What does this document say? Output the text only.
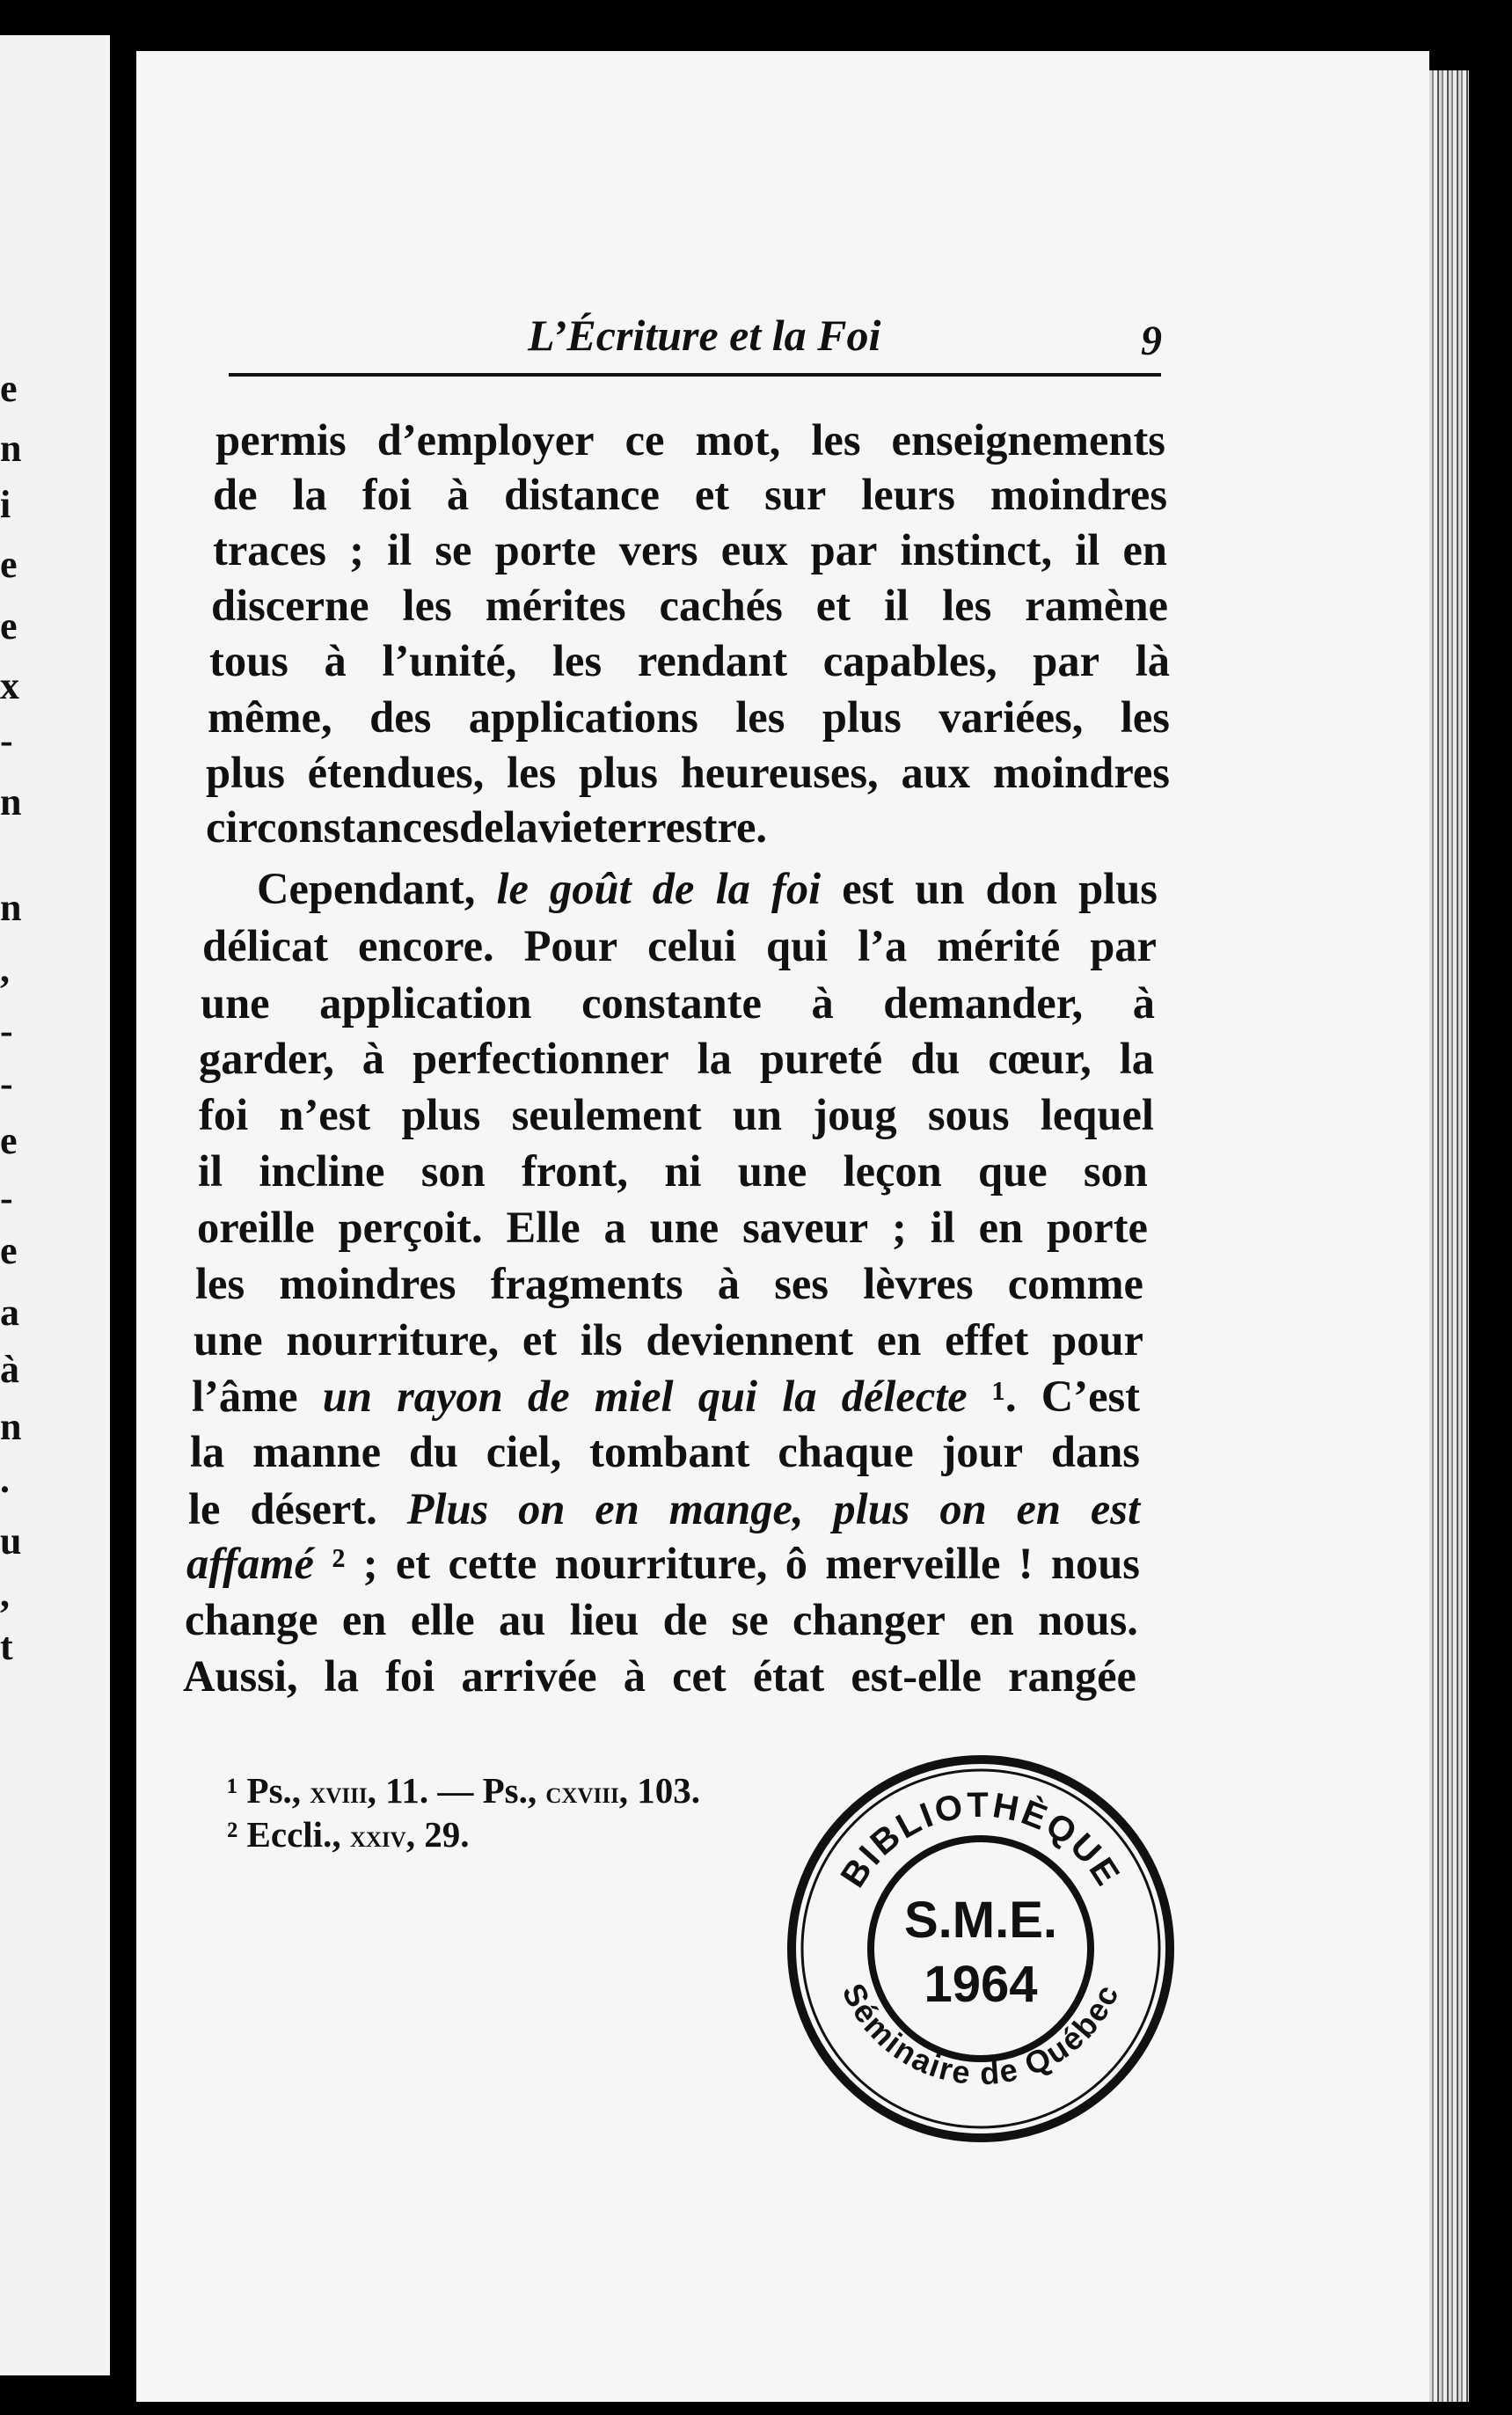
e
n
i
e
e
x
-
n
n
,
-
-
e
-
e
a
à
n
.
u
,
t
L’Écriture et la Foi	9
permis d’employer ce mot, les enseignements
de la foi à distance et sur leurs moindres
traces ; il se porte vers eux par instinct, il en
discerne les mérites cachés et il les ramène
tous à l’unité, les rendant capables, par là
même, des applications les plus variées, les
plus étendues, les plus heureuses, aux moindres
circonstances de la vie terrestre.
Cependant, le goût de la foi est un don plus
délicat encore. Pour celui qui l’a mérité par
une application constante à demander, à
garder, à perfectionner la pureté du cœur, la
foi n’est plus seulement un joug sous lequel
il incline son front, ni une leçon que son
oreille perçoit. Elle a une saveur ; il en porte
les moindres fragments à ses lèvres comme
une nourriture, et ils deviennent en effet pour
l’âme un rayon de miel qui la délecte ¹. C’est
la manne du ciel, tombant chaque jour dans
le désert. Plus on en mange, plus on en est
affamé ² ; et cette nourriture, ô merveille ! nous
change en elle au lieu de se changer en nous.
Aussi, la foi arrivée à cet état est-elle rangée
¹ Ps., xviii, 11. — Ps., cxviii, 103.
² Eccli., xxiv, 29.
BIBLIOTHÈQUE
Séminaire de Québec
S.M.E.
1964
